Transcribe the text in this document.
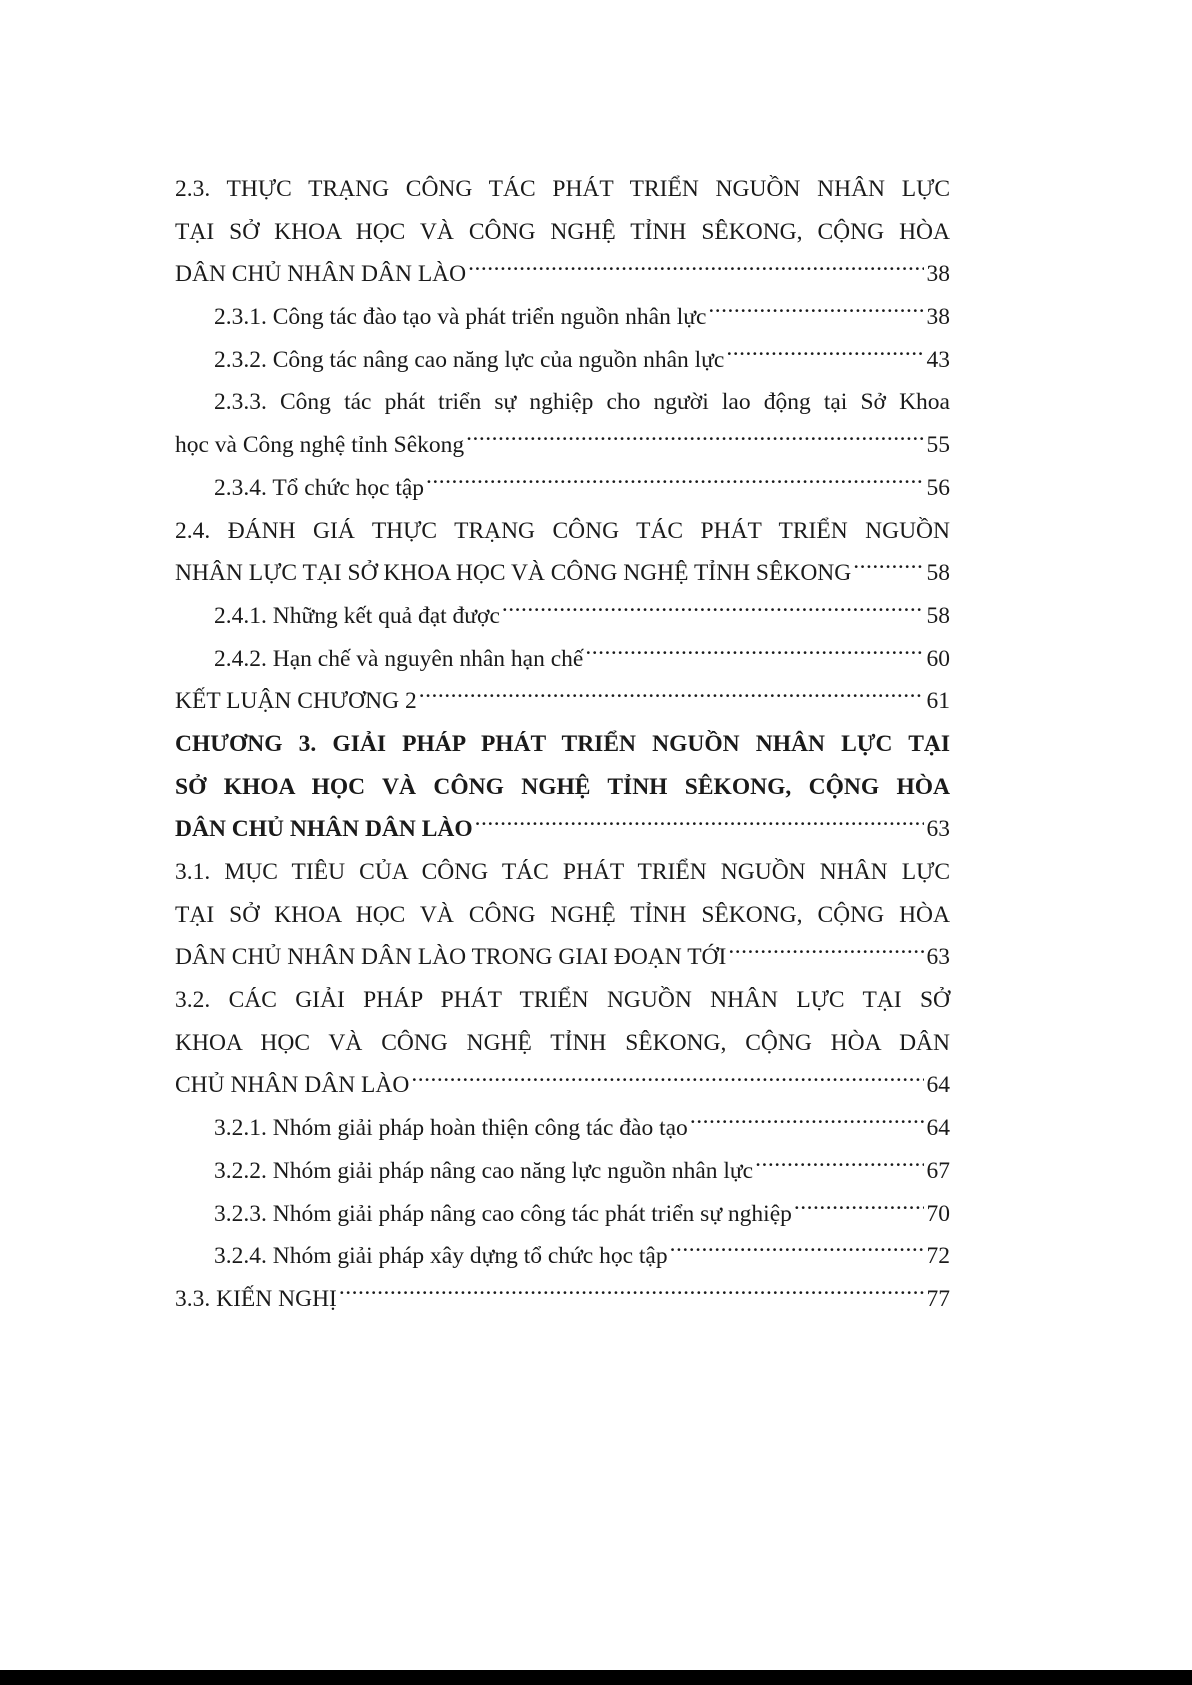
2.3. THỰC TRẠNG CÔNG TÁC PHÁT TRIỂN NGUỒN NHÂN LỰC
TẠI SỞ KHOA HỌC VÀ CÔNG NGHỆ TỈNH SÊKONG, CỘNG HÒA
DÂN CHỦ NHÂN DÂN LÀO .....	38
2.3.1. Công tác đào tạo và phát triển nguồn nhân lực .....	38
2.3.2. Công tác nâng cao năng lực của nguồn nhân lực .....	43
2.3.3. Công tác phát triển sự nghiệp cho người lao động tại Sở Khoa
học và Công nghệ tỉnh Sêkong .....	55
2.3.4. Tổ chức học tập .....	56
2.4. ĐÁNH GIÁ THỰC TRẠNG CÔNG TÁC PHÁT TRIỂN NGUỒN
NHÂN LỰC TẠI SỞ KHOA HỌC VÀ CÔNG NGHỆ TỈNH SÊKONG .....	58
2.4.1. Những kết quả đạt được .....	58
2.4.2. Hạn chế và nguyên nhân hạn chế .....	60
KẾT LUẬN CHƯƠNG 2 .....	61
CHƯƠNG 3. GIẢI PHÁP PHÁT TRIỂN NGUỒN NHÂN LỰC TẠI
SỞ KHOA HỌC VÀ CÔNG NGHỆ TỈNH SÊKONG, CỘNG HÒA
DÂN CHỦ NHÂN DÂN LÀO .....	63
3.1. MỤC TIÊU CỦA CÔNG TÁC PHÁT TRIỂN NGUỒN NHÂN LỰC
TẠI SỞ KHOA HỌC VÀ CÔNG NGHỆ TỈNH SÊKONG, CỘNG HÒA
DÂN CHỦ NHÂN DÂN LÀO TRONG GIAI ĐOẠN TỚI .....	63
3.2. CÁC GIẢI PHÁP PHÁT TRIỂN NGUỒN NHÂN LỰC TẠI SỞ
KHOA HỌC VÀ CÔNG NGHỆ TỈNH SÊKONG, CỘNG HÒA DÂN
CHỦ NHÂN DÂN LÀO .....	64
3.2.1. Nhóm giải pháp hoàn thiện công tác đào tạo .....	64
3.2.2. Nhóm giải pháp nâng cao năng lực nguồn nhân lực .....	67
3.2.3. Nhóm giải pháp nâng cao công tác phát triển sự nghiệp .....	70
3.2.4. Nhóm giải pháp xây dựng tổ chức học tập .....	72
3.3. KIẾN NGHỊ .....	77
